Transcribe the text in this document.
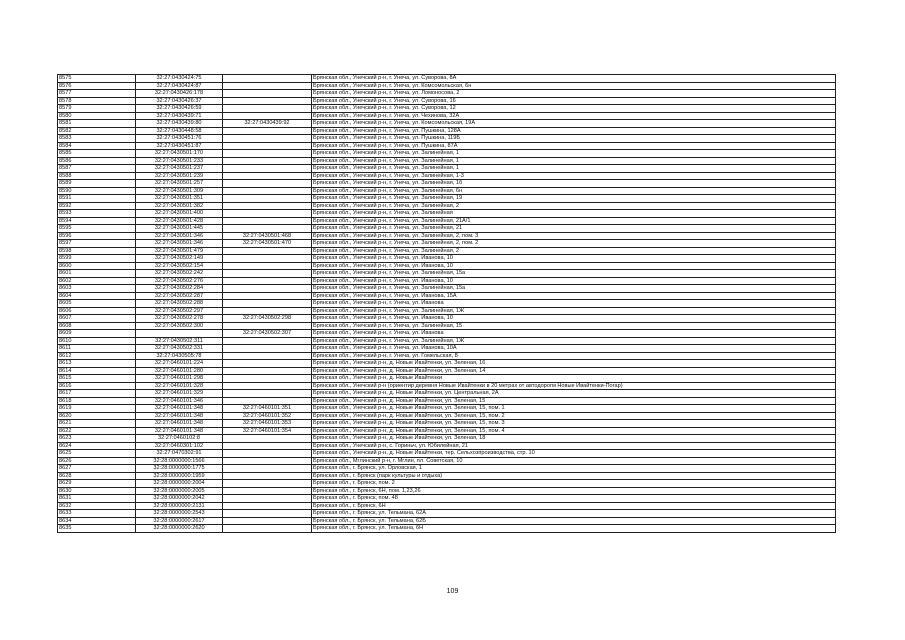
8575	32:27:0430424:75		Брянская обл., Унечский р-н, г. Унеча, ул. Суворова, 8А
8576	32:27:0430424:87		Брянская обл., Унечский р-н, г. Унеча, ул. Комсомольская, 6н
8577	32:27:0430426:178		Брянская обл., Унечский р-н, г. Унеча, ул. Ломоносова, 2
8578	32:27:0430426:37		Брянская обл., Унечский р-н, г. Унеча, ул. Суворова, 16
8579	32:27:0430426:59		Брянская обл., Унечский р-н, г. Унеча, ул. Суворова, 12
8580	32:27:0430439:71		Брянская обл., Унечский р-н, г. Унеча, ул. Чехинова, 32А
8581	32:27:0430439:80	32:27:0430439:92	Брянская обл., Унечский р-н, г. Унеча, ул. Комсомольская, 19А
8582	32:27:0430448:58		Брянская обл., Унечский р-н, г. Унеча, ул. Пушкина, 128А
8583	32:27:0430451:76		Брянская обл., Унечский р-н, г. Унеча, ул. Пушкина, 119Б
8584	32:27:0430451:87		Брянская обл., Унечский р-н, г. Унеча, ул. Пушкина, 87А
8585	32:27:0430501:170		Брянская обл., Унечский р-н, г. Унеча, ул. Залинейная, 1
8586	32:27:0430501:233		Брянская обл., Унечский р-н, г. Унеча, ул. Залинейная, 1
8587	32:27:0430501:237		Брянская обл., Унечский р-н, г. Унеча, ул. Залинейная, 1
8588	32:27:0430501:239		Брянская обл., Унечский р-н, г. Унеча, ул. Залинейная, 1-3
8589	32:27:0430501:257		Брянская обл., Унечский р-н, г. Унеча, ул. Залинейная, 1б
8590	32:27:0430501:309		Брянская обл., Унечский р-н, г. Унеча, ул. Залинейная, 6н
8591	32:27:0430501:351		Брянская обл., Унечский р-н, г. Унеча, ул. Залинейная, 19
8592	32:27:0430501:382		Брянская обл., Унечский р-н, г. Унеча, ул. Залинейная, 2
8593	32:27:0430501:400		Брянская обл., Унечский р-н, г. Унеча, ул. Залинейная
8594	32:27:0430501:428		Брянская обл., Унечский р-н, г. Унеча, ул. Залинейная, 21А/1
8595	32:27:0430501:445		Брянская обл., Унечский р-н, г. Унеча, ул. Залинейная, 21
8596	32:27:0430501:346	32:27:0430501:468	Брянская обл., Унечский р-н, г. Унеча, ул. Залинейная, 2, пом. 3
8597	32:27:0430501:346	32:27:0430501:470	Брянская обл., Унечский р-н, г. Унеча, ул. Залинейная, 2, пом. 2
8598	32:27:0430501:479		Брянская обл., Унечский р-н, г. Унеча, ул. Залинейная, 2
8599	32:27:0430502:149		Брянская обл., Унечский р-н, г. Унеча, ул. Иванова, 10
8600	32:27:0430502:154		Брянская обл., Унечский р-н, г. Унеча, ул. Иванова, 10
8601	32:27:0430502:242		Брянская обл., Унечский р-н, г. Унеча, ул. Залинейная, 15а
8602	32:27:0430502:276		Брянская обл., Унечский р-н, г. Унеча, ул. Иванова, 10
8603	32:27:0430502:284		Брянская обл., Унечский р-н, г. Унеча, ул. Залинейная, 15а
8604	32:27:0430502:287		Брянская обл., Унечский р-н, г. Унеча, ул. Иванова, 15А
8605	32:27:0430502:288		Брянская обл., Унечский р-н, г. Унеча, ул. Иванова
8606	32:27:0430502:297		Брянская обл., Унечский р-н, г. Унеча, ул. Залинейная, 1Ж
8607	32:27:0430502:278	32:27:0430502:298	Брянская обл., Унечский р-н, г. Унеча, ул. Иванова, 10
8608	32:27:0430502:300		Брянская обл., Унечский р-н, г. Унеча, ул. Залинейная, 15
8609		32:27:0430502:307	Брянская обл., Унечский р-н, г. Унеча, ул. Иванова
8610	32:27:0430502:311		Брянская обл., Унечский р-н, г. Унеча, ул. Залинейная, 1Ж
8611	32:27:0430502:331		Брянская обл., Унечский р-н, г. Унеча, ул. Иванова, 10А
8612	32:27:0430505:78		Брянская обл., Унечский р-н, г. Унеча, ул. Гомельская, 8
8613	32:27:0460101:224		Брянская обл., Унечский р-н, д. Новые Ивайтенки, ул. Зеленая, 16
8614	32:27:0460101:280		Брянская обл., Унечский р-н, д. Новые Ивайтенки, ул. Зеленая, 14
8615	32:27:0460101:298		Брянская обл., Унечский р-н, д. Новые Ивайтенки
8616	32:27:0460101:328		Брянская обл., Унечский р-н (ориентир деревня Новые Ивайтенки в 20 метрах от автодорогм Новые Ивайтенки-Погар)
8617	32:27:0460101:329		Брянская обл., Унечский р-н, д. Новые Ивайтенки, ул. Центральная, 2А
8618	32:27:0460101:346		Брянская обл., Унечский р-н, д. Новые Ивайтенки, ул. Зеленая, 15
8619	32:27:0460101:348	32:27:0460101:351	Брянская обл., Унечский р-н, д. Новые Ивайтенки, ул. Зеленая, 15, пом. 1
8620	32:27:0460101:348	32:27:0460101:352	Брянская обл., Унечский р-н, д. Новые Ивайтенки, ул. Зеленая, 15, пом. 2
8621	32:27:0460101:348	32:27:0460101:353	Брянская обл., Унечский р-н, д. Новые Ивайтенки, ул. Зеленая, 15, пом. 3
8622	32:27:0460101:348	32:27:0460101:354	Брянская обл., Унечский р-н, д. Новые Ивайтенки, ул. Зеленая, 15, пом. 4
8623	32:27:0460102:8		Брянская обл., Унечский р-н, д. Новые Ивайтенки, ул. Зеленая, 18
8624	32:27:0460301:102		Брянская обл., Унечский р-н, с. Гориньч, ул. Юбилейная, 21
8625	32:27:0470302:91		Брянская обл., Унечский р-н, д. Новые Ивайтенки, тер. Сельхозпроизводства, стр. 10
8626	32:28:0000000:1566		Брянская обл., Мглинский р-н, г. Мглин, пл. Советская, 10
8627	32:28:0000000:1775		Брянская обл., г. Брянск, ул. Орловская, 1
8628	32:28:0000000:1959		Брянская обл., г. Брянск (парк культуры и отдыха)
8629	32:28:0000000:2004		Брянская обл., г. Брянск, пом. 2
8630	32:28:0000000:2005		Брянская обл., г. Брянск, 6Н, пом. 1,23,26
8631	32:28:0000000:2042		Брянская обл., г. Брянск, пом. 48
8632	32:28:0000000:2131		Брянская обл., г. Брянск, 6Н
8633	32:28:0000000:2543		Брянская обл., г. Брянск, ул. Тельмана, 62А
8634	32:28:0000000:2617		Брянская обл., г. Брянск, ул. Тельмана, 62Б
8635	32:28:0000000:2620		Брянская обл., г. Брянск, ул. Тельмана, 6Н
109
